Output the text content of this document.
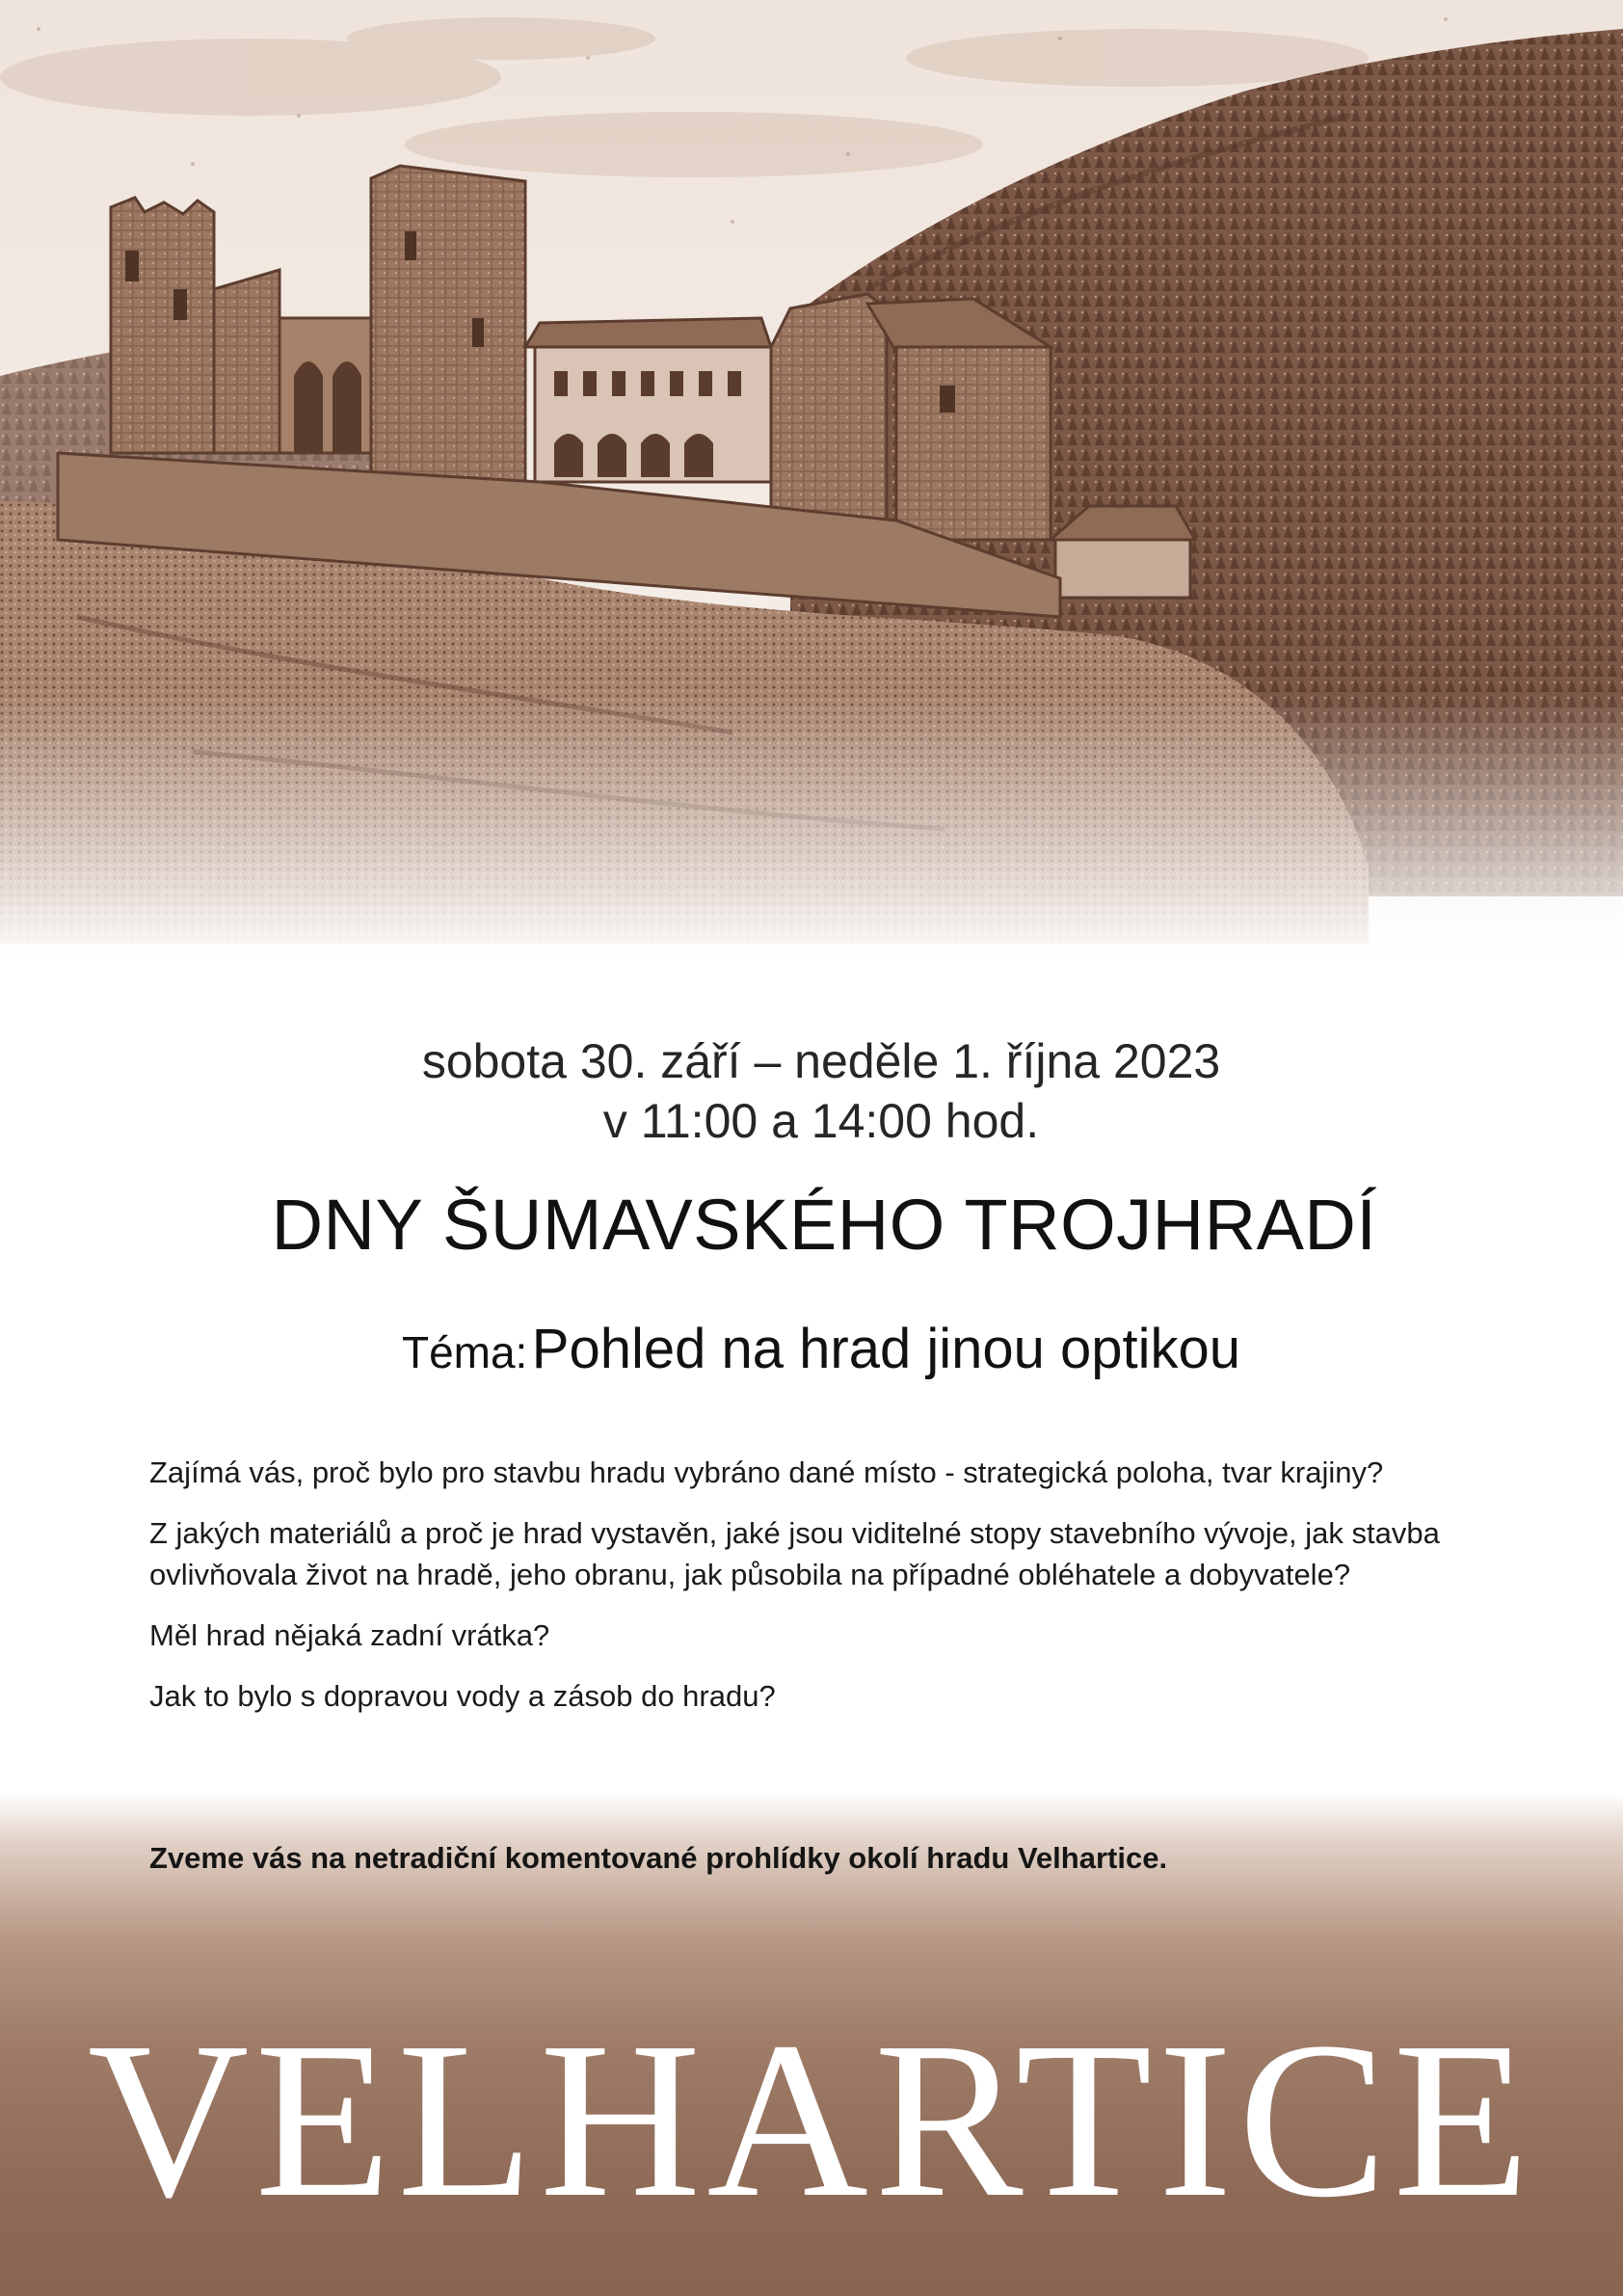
sobota 30. září – neděle 1. října 2023
v 11:00 a 14:00 hod.
DNY ŠUMAVSKÉHO TROJHRADÍ
Téma: Pohled na hrad jinou optikou

Zajímá vás, proč bylo pro stavbu hradu vybráno dané místo - strategická poloha, tvar krajiny?

Z jakých materiálů a proč je hrad vystavěn, jaké jsou viditelné stopy stavebního vývoje, jak stavba ovlivňovala život na hradě, jeho obranu, jak působila na případné obléhatele a dobyvatele?

Měl hrad nějaká zadní vrátka?

Jak to bylo s dopravou vody a zásob do hradu?

Zveme vás na netradiční komentované prohlídky okolí hradu Velhartice.
VELHARTICE
